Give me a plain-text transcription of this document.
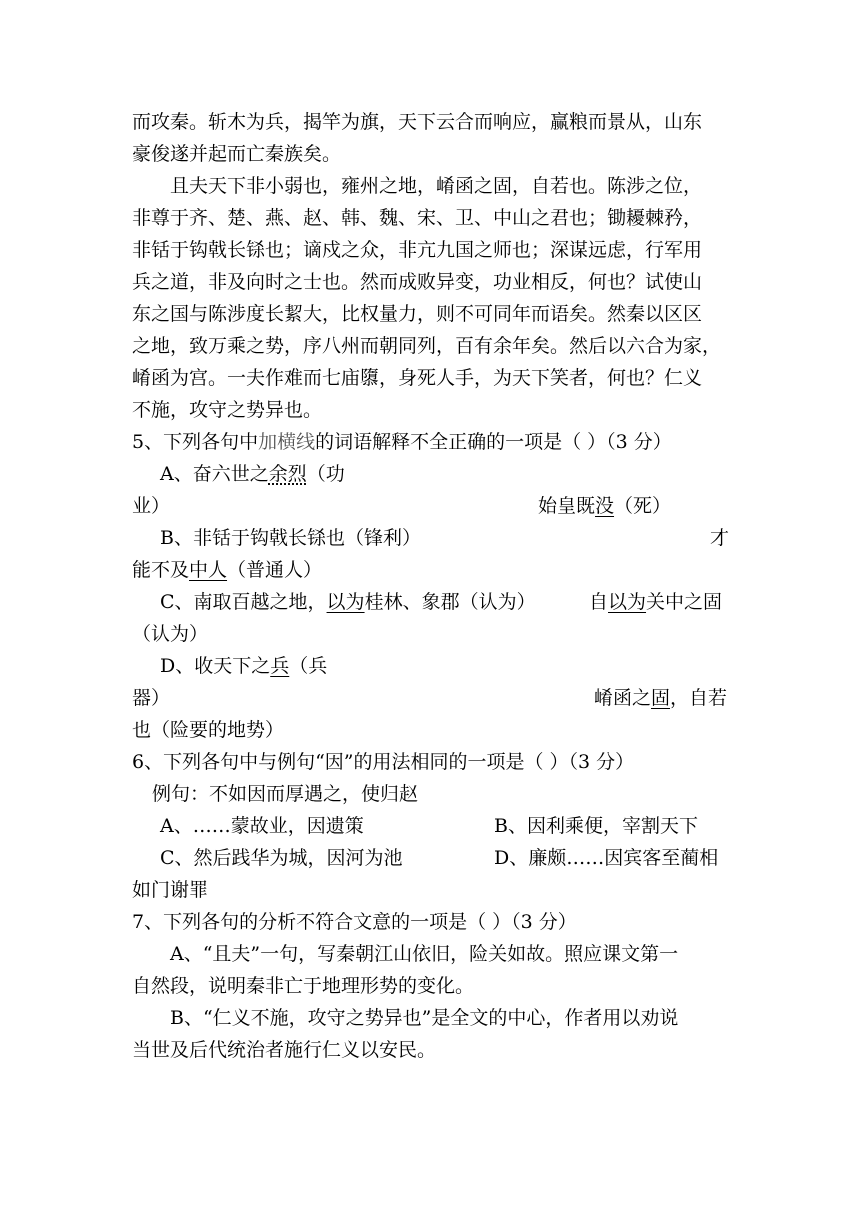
而攻秦。斩木为兵，揭竿为旗，天下云合而响应，赢粮而景从，山东
豪俊遂并起而亡秦族矣。
且夫天下非小弱也，雍州之地，崤函之固，自若也。陈涉之位，
非尊于齐、楚、燕、赵、韩、魏、宋、卫、中山之君也；锄耰棘矜，
非铦于钩戟长铩也；谪戍之众，非亢九国之师也；深谋远虑，行军用
兵之道，非及向时之士也。然而成败异变，功业相反，何也？试使山
东之国与陈涉度长絜大，比权量力，则不可同年而语矣。然秦以区区
之地，致万乘之势，序八州而朝同列，百有余年矣。然后以六合为家，
崤函为宫。一夫作难而七庙隳，身死人手，为天下笑者，何也？仁义
不施，攻守之势异也。
5、下列各句中加横线的词语解释不全正确的一项是（ ）（3 分）
A、奋六世之余烈（功
业）	始皇既没（死）
B、非铦于钩戟长铩也（锋利）	才
能不及中人（普通人）
C、南取百越之地，以为桂林、象郡（认为）	自以为关中之固
（认为）
D、收天下之兵（兵
器）	崤函之固，自若
也（险要的地势）
6、下列各句中与例句“因”的用法相同的一项是（ ）（3 分）
例句：不如因而厚遇之，使归赵
A、……蒙故业，因遗策	B、因利乘便，宰割天下
C、然后践华为城，因河为池	D、廉颇……因宾客至蔺相
如门谢罪
7、下列各句的分析不符合文意的一项是（ ）（3 分）
A、“且夫”一句，写秦朝江山依旧，险关如故。照应课文第一
自然段，说明秦非亡于地理形势的变化。
B、“仁义不施，攻守之势异也”是全文的中心，作者用以劝说
当世及后代统治者施行仁义以安民。
